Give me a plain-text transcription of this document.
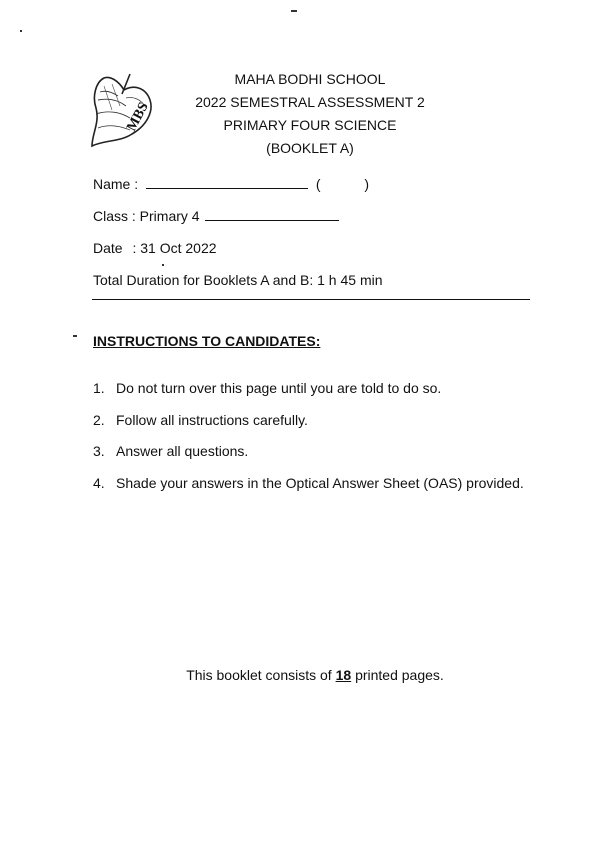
MBS
MAHA BODHI SCHOOL
2022 SEMESTRAL ASSESSMENT 2
PRIMARY FOUR SCIENCE
(BOOKLET A)
Name :	(	)
Class : Primary 4
Date : 31 Oct 2022
Total Duration for Booklets A and B: 1 h 45 min
INSTRUCTIONS TO CANDIDATES:
1. Do not turn over this page until you are told to do so.
2. Follow all instructions carefully.
3. Answer all questions.
4. Shade your answers in the Optical Answer Sheet (OAS) provided.
This booklet consists of 18 printed pages.
